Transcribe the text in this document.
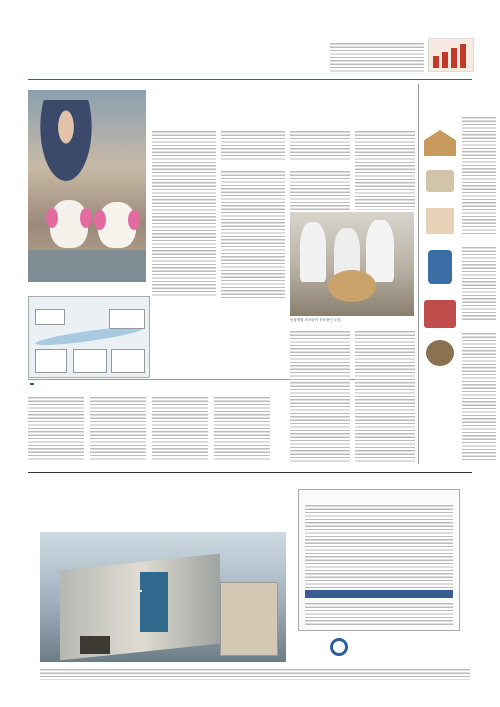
동물병원 의사들이 진료중인 모습.
